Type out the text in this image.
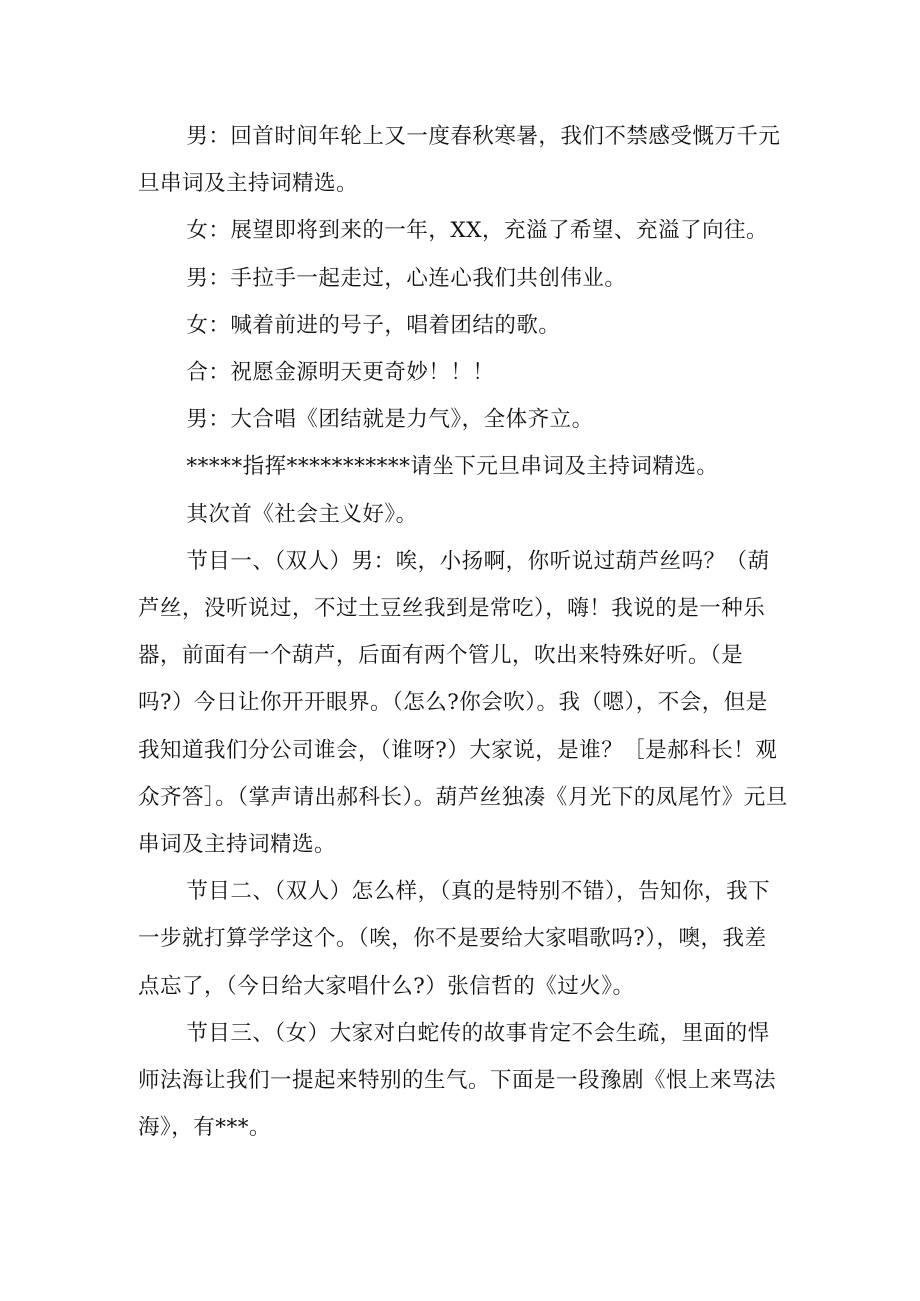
男：回首时间年轮上又一度春秋寒暑，我们不禁感受慨万千元旦串词及主持词精选。

女：展望即将到来的一年，XX，充溢了希望、充溢了向往。

男：手拉手一起走过，心连心我们共创伟业。

女：喊着前进的号子，唱着团结的歌。

合：祝愿金源明天更奇妙！！！

男：大合唱《团结就是力气》，全体齐立。

*****指挥***********请坐下元旦串词及主持词精选。

其次首《社会主义好》。

节目一、（双人）男：唉，小扬啊，你听说过葫芦丝吗？（葫芦丝，没听说过，不过土豆丝我到是常吃），嗨！我说的是一种乐器，前面有一个葫芦，后面有两个管儿，吹出来特殊好听。（是吗?）今日让你开开眼界。（怎么?你会吹）。我（嗯），不会，但是我知道我们分公司谁会，（谁呀?）大家说，是谁？［是郝科长！观众齐答］。（掌声请出郝科长）。葫芦丝独凑《月光下的凤尾竹》元旦串词及主持词精选。

节目二、（双人）怎么样，（真的是特别不错），告知你，我下一步就打算学学这个。（唉，你不是要给大家唱歌吗?），噢，我差点忘了，（今日给大家唱什么?）张信哲的《过火》。

节目三、（女）大家对白蛇传的故事肯定不会生疏，里面的悍师法海让我们一提起来特别的生气。下面是一段豫剧《恨上来骂法海》，有***。
